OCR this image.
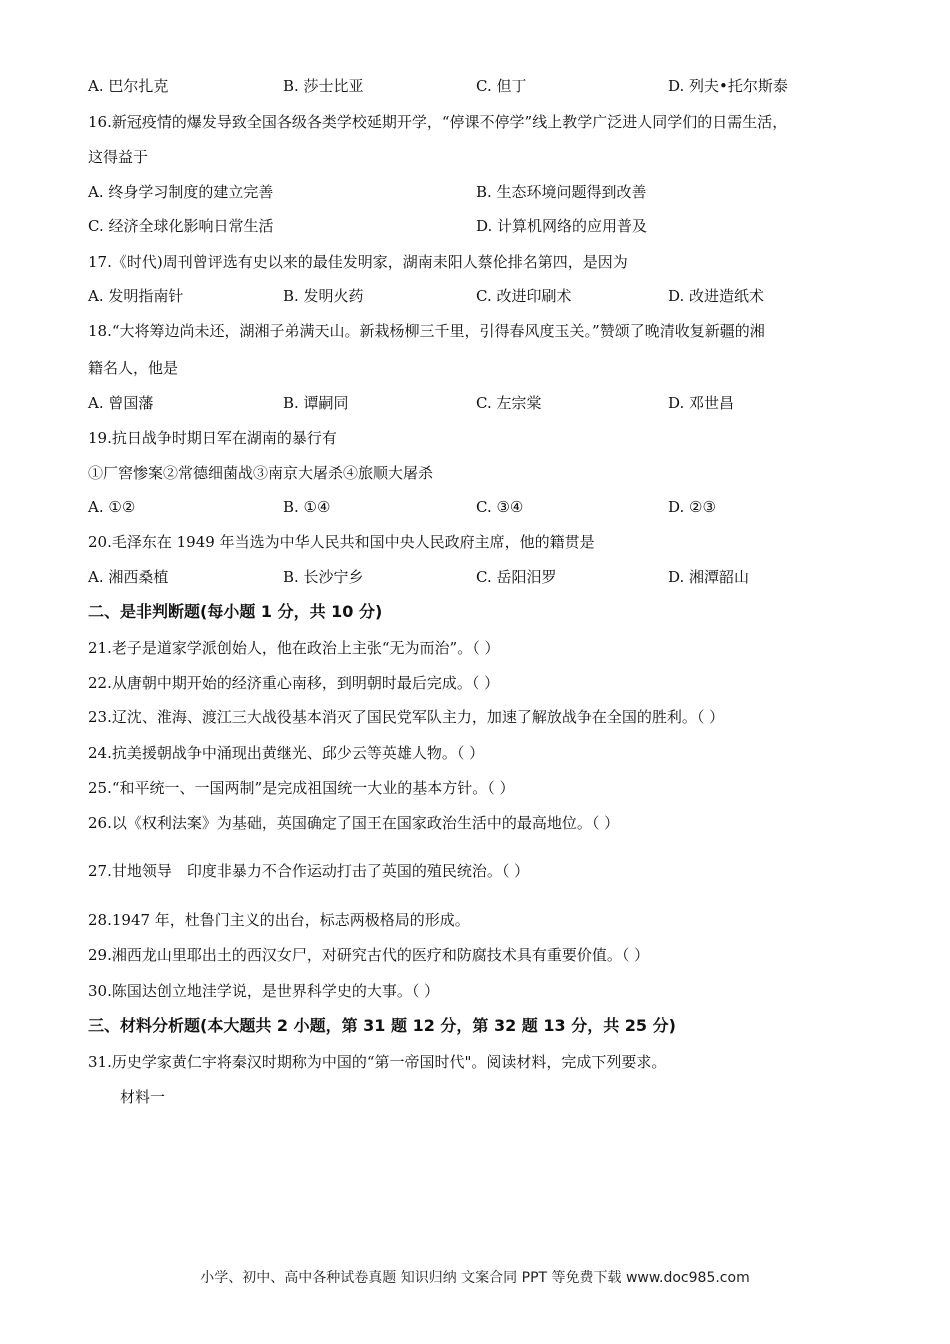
A. 巴尔扎克	B. 莎士比亚	C. 但丁	D. 列夫•托尔斯泰
16.新冠疫情的爆发导致全国各级各类学校延期开学，“停课不停学”线上教学广泛进人同学们的日需生活，
这得益于
A. 终身学习制度的建立完善	B. 生态环境问题得到改善
C. 经济全球化影响日常生活	D. 计算机网络的应用普及
17.《时代)周刊曾评选有史以来的最佳发明家，湖南耒阳人蔡伦排名第四，是因为
A. 发明指南针	B. 发明火药	C. 改进印刷术	D. 改进造纸术
18.“大将筹边尚未还，湖湘子弟满天山。新栽杨柳三千里，引得春风度玉关。”赞颂了晚清收复新疆的湘
籍名人，他是
A. 曾国藩	B. 谭嗣同	C. 左宗棠	D. 邓世昌
19.抗日战争时期日军在湖南的暴行有
①厂窖惨案②常德细菌战③南京大屠杀④旅顺大屠杀
A. ①②	B. ①④	C. ③④	D. ②③
20.毛泽东在 1949 年当选为中华人民共和国中央人民政府主席，他的籍贯是
A. 湘西桑植	B. 长沙宁乡	C. 岳阳汨罗	D. 湘潭韶山
二、是非判断题(每小题 1 分，共 10 分)
21.老子是道家学派创始人，他在政治上主张“无为而治”。（ ）
22.从唐朝中期开始的经济重心南移，到明朝时最后完成。（ ）
23.辽沈、淮海、渡江三大战役基本消灭了国民党军队主力，加速了解放战争在全国的胜利。（ ）
24.抗美援朝战争中涌现出黄继光、邱少云等英雄人物。（ ）
25.“和平统一、一国两制”是完成祖国统一大业的基本方针。（ ）
26.以《权利法案》为基础，英国确定了国王在国家政治生活中的最高地位。（ ）
27.甘地领导　印度非暴力不合作运动打击了英国的殖民统治。（ ）
28.1947 年，杜鲁门主义的出台，标志两极格局的形成。
29.湘西龙山里耶出土的西汉女尸，对研究古代的医疗和防腐技术具有重要价值。（ ）
30.陈国达创立地洼学说，是世界科学史的大事。（ ）
三、材料分析题(本大题共 2 小题，第 31 题 12 分，第 32 题 13 分，共 25 分)
31.历史学家黄仁宇将秦汉时期称为中国的“第一帝国时代"。阅读材料，完成下列要求。
材料一
小学、初中、高中各种试卷真题 知识归纳 文案合同 PPT 等免费下载 www.doc985.com
